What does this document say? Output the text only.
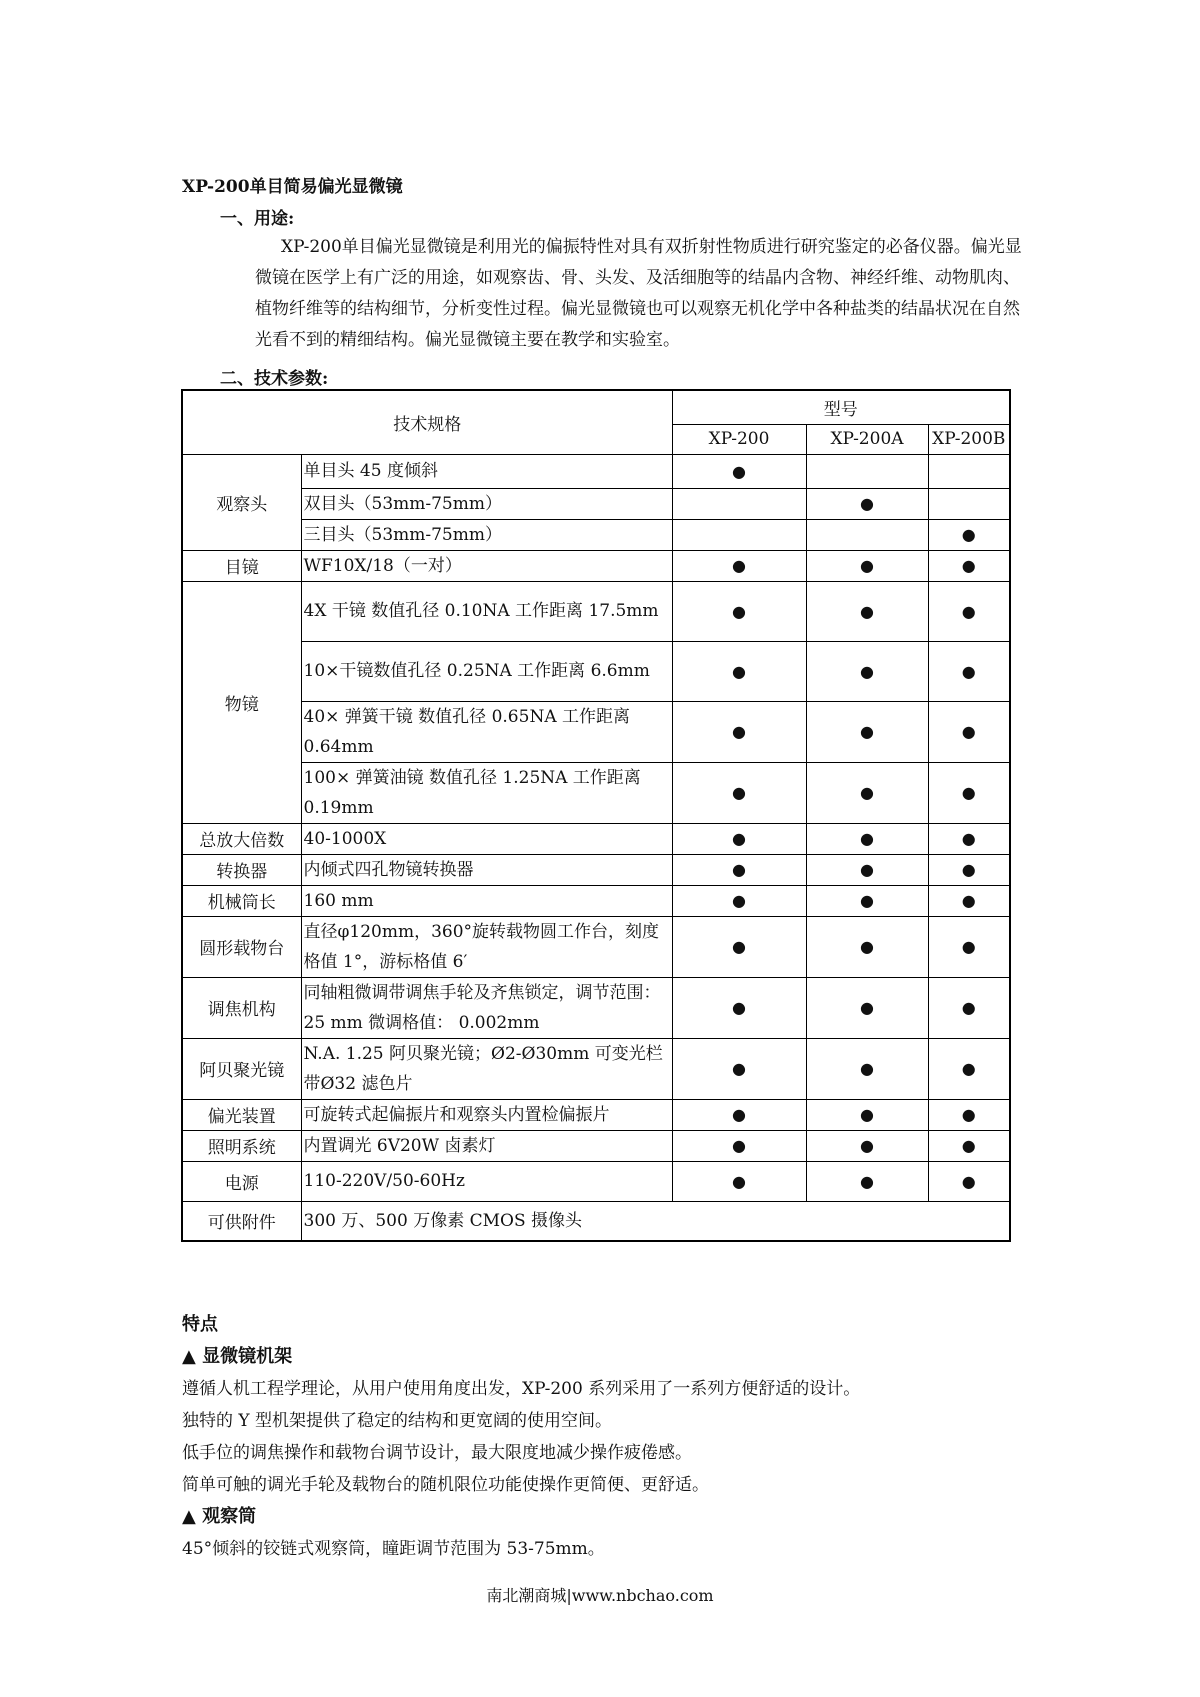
XP-200单目简易偏光显微镜
一、用途:
XP-200单目偏光显微镜是利用光的偏振特性对具有双折射性物质进行研究鉴定的必备仪器。偏光显微镜在医学上有广泛的用途，如观察齿、骨、头发、及活细胞等的结晶内含物、神经纤维、动物肌肉、植物纤维等的结构细节，分析变性过程。偏光显微镜也可以观察无机化学中各种盐类的结晶状况在自然光看不到的精细结构。偏光显微镜主要在教学和实验室。
二、技术参数:
技术规格		型号		
		XP-200	XP-200A	XP-200B
观察头	单目头 45 度倾斜	●		
	双目头（53mm-75mm）		●	
	三目头（53mm-75mm）			●
目镜	WF10X/18（一对）	●	●	●
物镜	4X 干镜 数值孔径 0.10NA 工作距离 17.5mm	●	●	●
	10×干镜数值孔径 0.25NA 工作距离 6.6mm	●	●	●
	40× 弹簧干镜 数值孔径 0.65NA 工作距离 0.64mm	●	●	●
	100× 弹簧油镜 数值孔径 1.25NA 工作距离 0.19mm	●	●	●
总放大倍数	40-1000X	●	●	●
转换器	内倾式四孔物镜转换器	●	●	●
机械筒长	160 mm	●	●	●
圆形载物台	直径φ120mm，360°旋转载物圆工作台，刻度格值 1°，游标格值 6′	●	●	●
调焦机构	同轴粗微调带调焦手轮及齐焦锁定，调节范围：25 mm 微调格值： 0.002mm	●	●	●
阿贝聚光镜	N.A. 1.25 阿贝聚光镜；Ø2-Ø30mm 可变光栏带Ø32 滤色片	●	●	●
偏光装置	可旋转式起偏振片和观察头内置检偏振片	●	●	●
照明系统	内置调光 6V20W 卤素灯	●	●	●
电源	110-220V/50-60Hz	●	●	●
可供附件	300 万、500 万像素 CMOS 摄像头			
特点
▲ 显微镜机架
遵循人机工程学理论，从用户使用角度出发，XP-200 系列采用了一系列方便舒适的设计。
独特的 Y 型机架提供了稳定的结构和更宽阔的使用空间。
低手位的调焦操作和载物台调节设计，最大限度地减少操作疲倦感。
简单可触的调光手轮及载物台的随机限位功能使操作更简便、更舒适。
▲ 观察筒
45°倾斜的铰链式观察筒，瞳距调节范围为 53-75mm。
南北潮商城|www.nbchao.com
